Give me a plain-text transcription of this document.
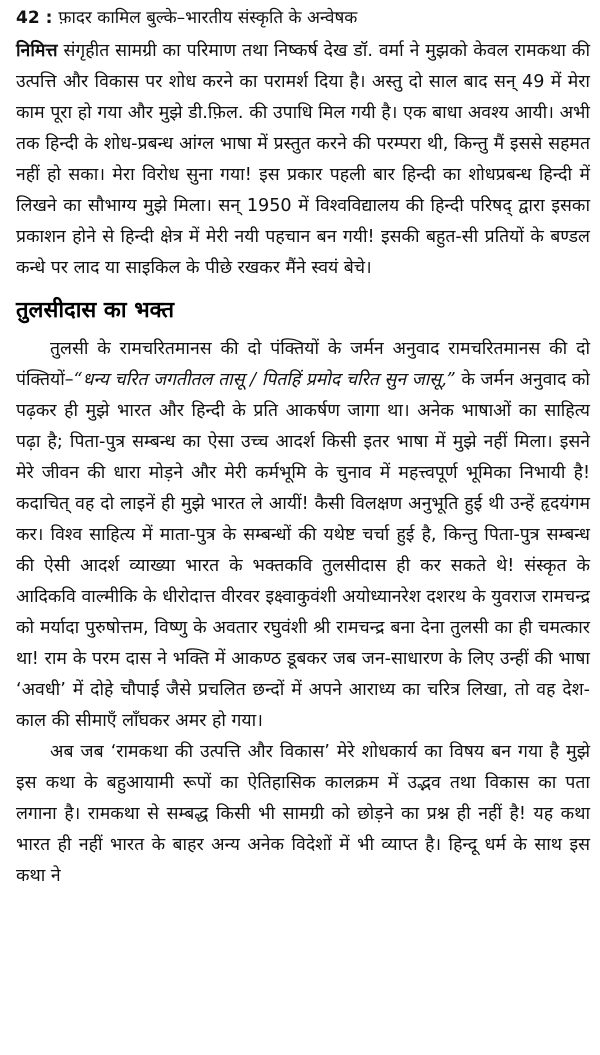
42 : फ़ादर कामिल बुल्के–भारतीय संस्कृति के अन्वेषक

निमित्त संगृहीत सामग्री का परिमाण तथा निष्कर्ष देख डॉ. वर्मा ने मुझको केवल रामकथा की उत्पत्ति और विकास पर शोध करने का परामर्श दिया है। अस्तु दो साल बाद सन् 49 में मेरा काम पूरा हो गया और मुझे डी.फ़िल. की उपाधि मिल गयी है। एक बाधा अवश्य आयी। अभी तक हिन्दी के शोध-प्रबन्ध आंग्ल भाषा में प्रस्तुत करने की परम्परा थी, किन्तु मैं इससे सहमत नहीं हो सका। मेरा विरोध सुना गया! इस प्रकार पहली बार हिन्दी का शोधप्रबन्ध हिन्दी में लिखने का सौभाग्य मुझे मिला। सन् 1950 में विश्वविद्यालय की हिन्दी परिषद् द्वारा इसका प्रकाशन होने से हिन्दी क्षेत्र में मेरी नयी पहचान बन गयी! इसकी बहुत-सी प्रतियों के बण्डल कन्धे पर लाद या साइकिल के पीछे रखकर मैंने स्वयं बेचे।

तुलसीदास का भक्त

तुलसी के रामचरितमानस की दो पंक्तियों के जर्मन अनुवाद रामचरितमानस की दो पंक्तियों–“धन्य चरित जगतीतल तासू / पितहिं प्रमोद चरित सुन जासू,” के जर्मन अनुवाद को पढ़कर ही मुझे भारत और हिन्दी के प्रति आकर्षण जागा था। अनेक भाषाओं का साहित्य पढ़ा है; पिता-पुत्र सम्बन्ध का ऐसा उच्च आदर्श किसी इतर भाषा में मुझे नहीं मिला। इसने मेरे जीवन की धारा मोड़ने और मेरी कर्मभूमि के चुनाव में महत्त्वपूर्ण भूमिका निभायी है! कदाचित् वह दो लाइनें ही मुझे भारत ले आयीं! कैसी विलक्षण अनुभूति हुई थी उन्हें हृदयंगम कर। विश्व साहित्य में माता-पुत्र के सम्बन्धों की यथेष्ट चर्चा हुई है, किन्तु पिता-पुत्र सम्बन्ध की ऐसी आदर्श व्याख्या भारत के भक्तकवि तुलसीदास ही कर सकते थे! संस्कृत के आदिकवि वाल्मीकि के धीरोदात्त वीरवर इक्ष्वाकुवंशी अयोध्यानरेश दशरथ के युवराज रामचन्द्र को मर्यादा पुरुषोत्तम, विष्णु के अवतार रघुवंशी श्री रामचन्द्र बना देना तुलसी का ही चमत्कार था! राम के परम दास ने भक्ति में आकण्ठ डूबकर जब जन-साधारण के लिए उन्हीं की भाषा ‘अवधी’ में दोहे चौपाई जैसे प्रचलित छन्दों में अपने आराध्य का चरित्र लिखा, तो वह देश-काल की सीमाएँ लाँघकर अमर हो गया।

अब जब ‘रामकथा की उत्पत्ति और विकास’ मेरे शोधकार्य का विषय बन गया है मुझे इस कथा के बहुआयामी रूपों का ऐतिहासिक कालक्रम में उद्भव तथा विकास का पता लगाना है। रामकथा से सम्बद्ध किसी भी सामग्री को छोड़ने का प्रश्न ही नहीं है! यह कथा भारत ही नहीं भारत के बाहर अन्य अनेक विदेशों में भी व्याप्त है। हिन्दू धर्म के साथ इस कथा ने
